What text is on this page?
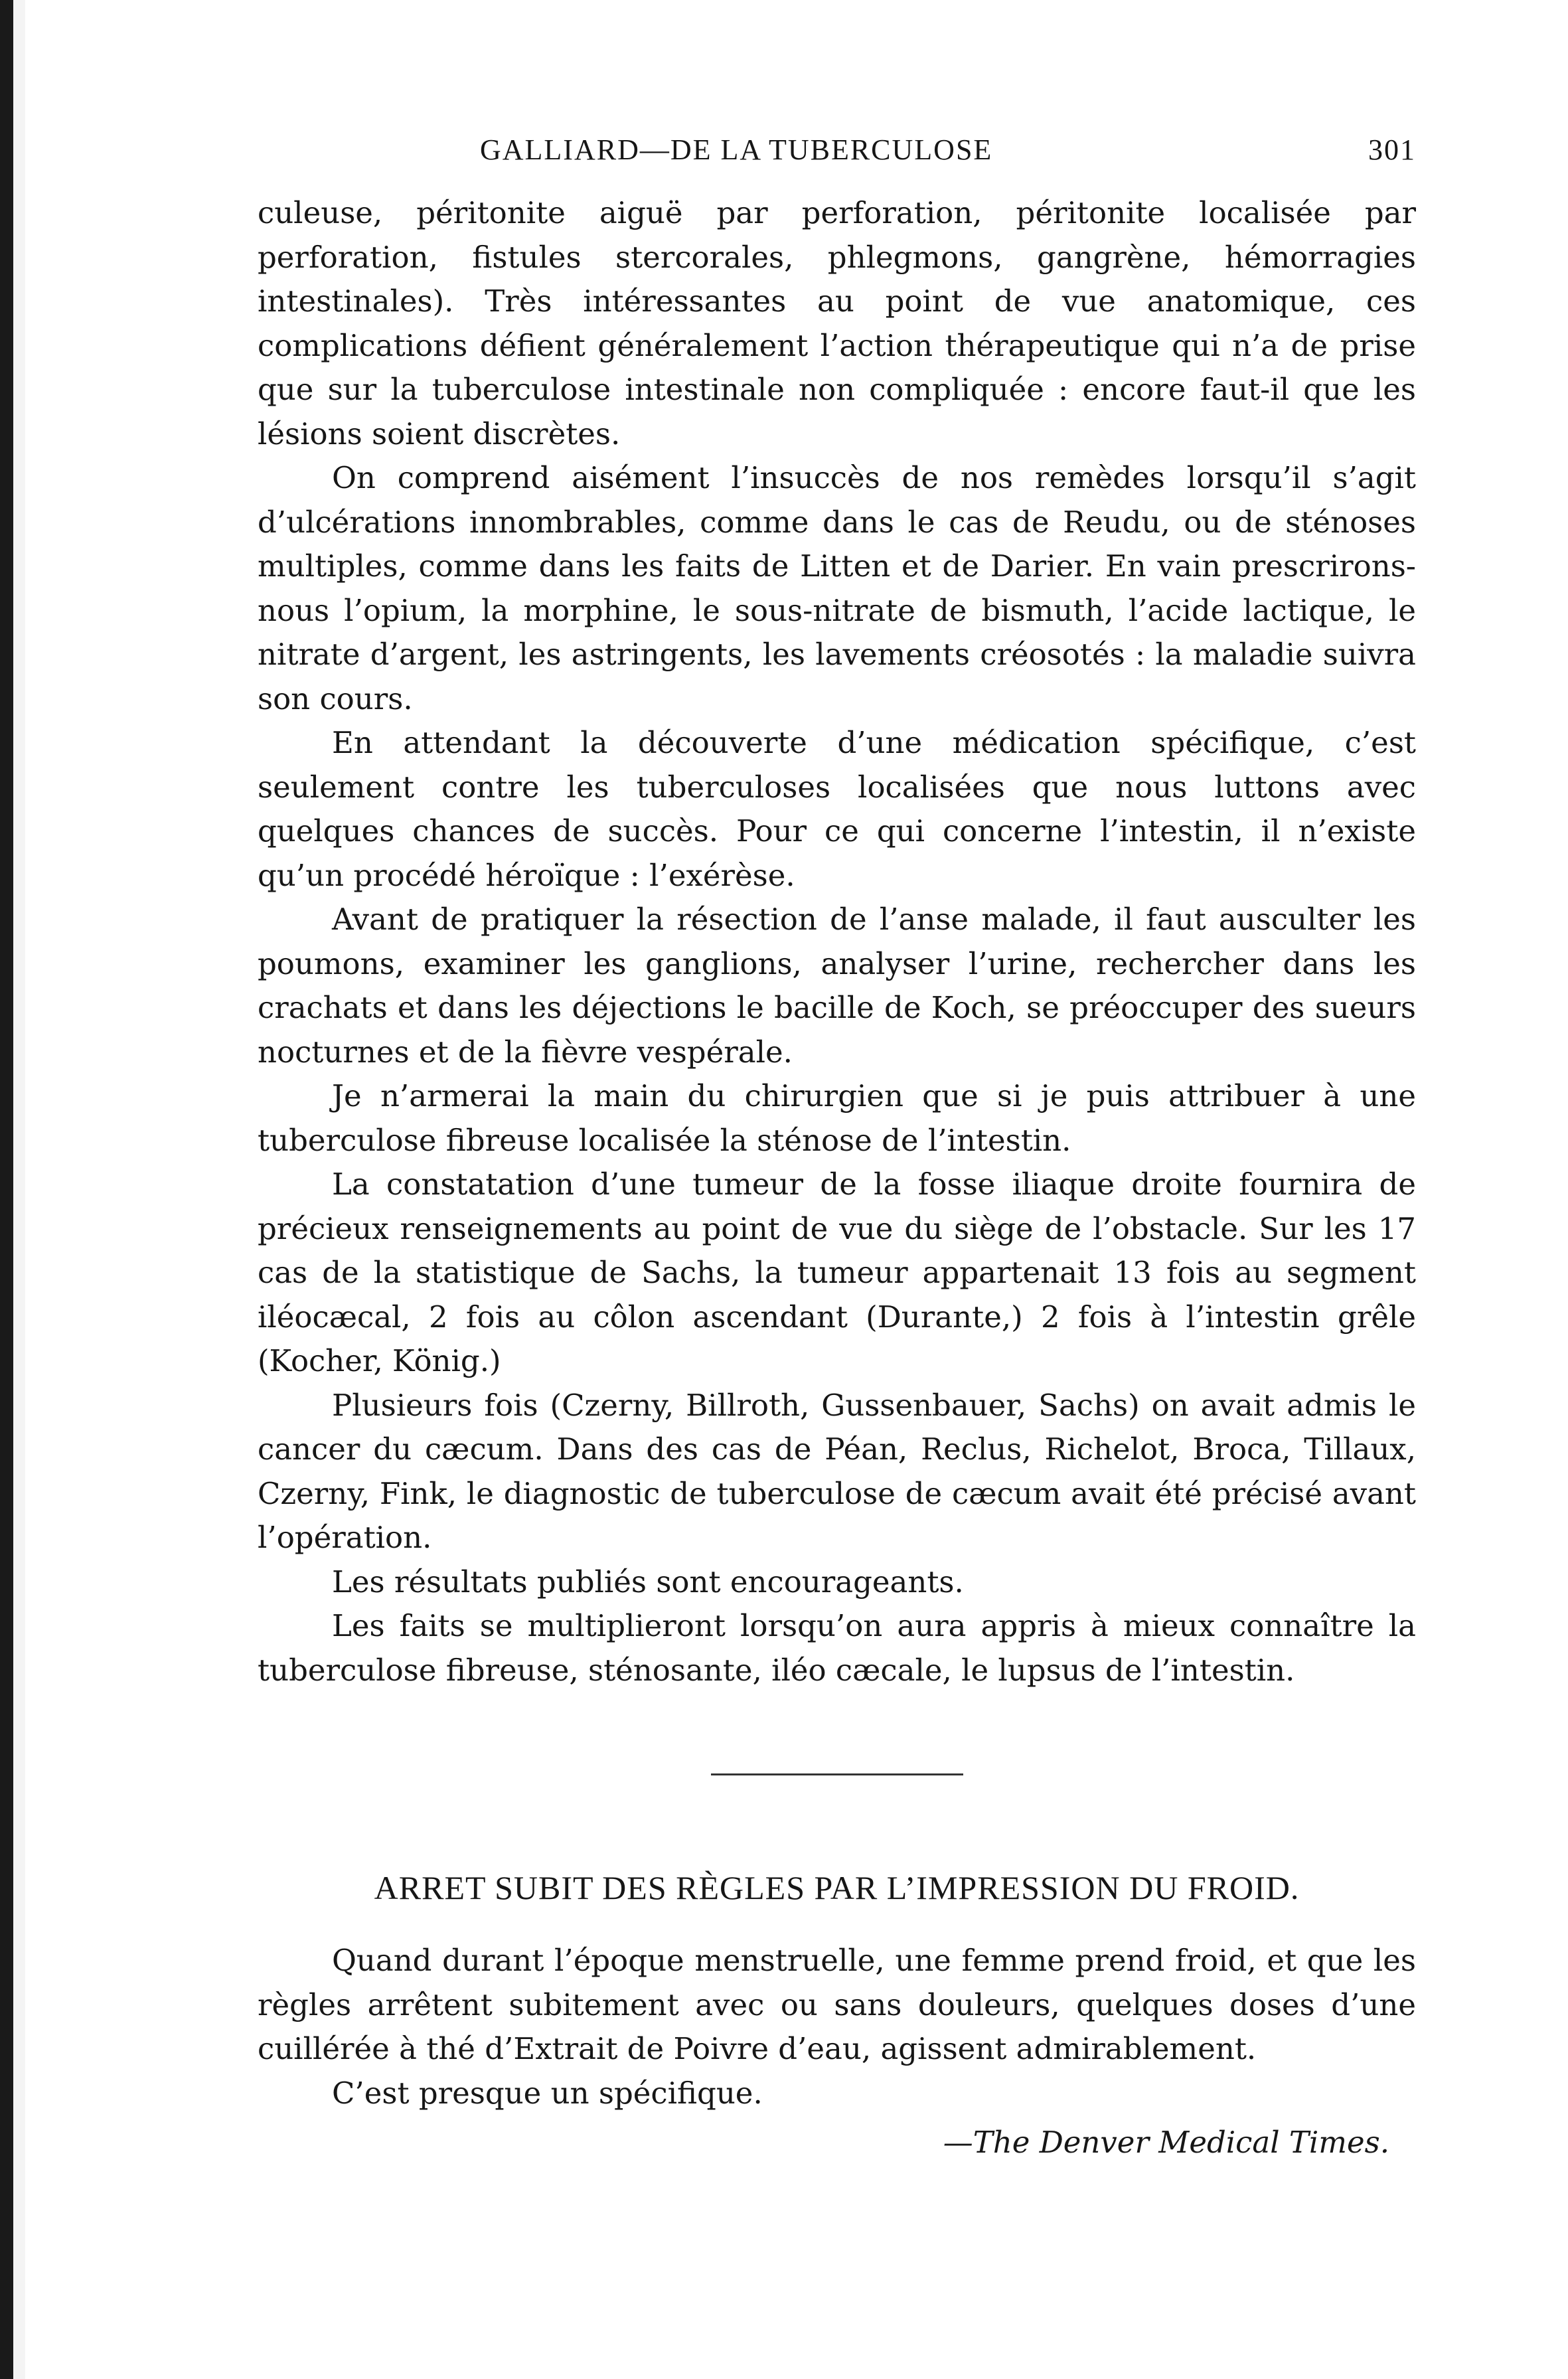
GALLIARD—DE LA TUBERCULOSE	301

culeuse, péritonite aiguë par perforation, péritonite localisée par perforation, fistules stercorales, phlegmons, gangrène, hémorragies intestinales). Très intéressantes au point de vue anatomique, ces complications défient généralement l’action thérapeutique qui n’a de prise que sur la tuberculose intestinale non compliquée : encore faut-il que les lésions soient discrètes.

On comprend aisément l’insuccès de nos remèdes lorsqu’il s’agit d’ulcérations innombrables, comme dans le cas de Reudu, ou de sténoses multiples, comme dans les faits de Litten et de Darier. En vain prescrirons-nous l’opium, la morphine, le sous-nitrate de bismuth, l’acide lactique, le nitrate d’argent, les astringents, les lavements créosotés : la maladie suivra son cours.

En attendant la découverte d’une médication spécifique, c’est seulement contre les tuberculoses localisées que nous luttons avec quelques chances de succès. Pour ce qui concerne l’intestin, il n’existe qu’un procédé héroïque : l’exérèse.

Avant de pratiquer la résection de l’anse malade, il faut ausculter les poumons, examiner les ganglions, analyser l’urine, rechercher dans les crachats et dans les déjections le bacille de Koch, se préoccuper des sueurs nocturnes et de la fièvre vespérale.

Je n’armerai la main du chirurgien que si je puis attribuer à une tuberculose fibreuse localisée la sténose de l’intestin.

La constatation d’une tumeur de la fosse iliaque droite fournira de précieux renseignements au point de vue du siège de l’obstacle. Sur les 17 cas de la statistique de Sachs, la tumeur appartenait 13 fois au segment iléocæcal, 2 fois au côlon ascendant (Durante,) 2 fois à l’intestin grêle (Kocher, König.)

Plusieurs fois (Czerny, Billroth, Gussenbauer, Sachs) on avait admis le cancer du cæcum. Dans des cas de Péan, Reclus, Richelot, Broca, Tillaux, Czerny, Fink, le diagnostic de tuberculose de cæcum avait été précisé avant l’opération.

Les résultats publiés sont encourageants.

Les faits se multiplieront lorsqu’on aura appris à mieux connaître la tuberculose fibreuse, sténosante, iléo cæcale, le lupsus de l’intestin.

ARRET SUBIT DES RÈGLES PAR L’IMPRESSION DU FROID.

Quand durant l’époque menstruelle, une femme prend froid, et que les règles arrêtent subitement avec ou sans douleurs, quelques doses d’une cuillérée à thé d’Extrait de Poivre d’eau, agissent admirablement.

C’est presque un spécifique.

—The Denver Medical Times.
